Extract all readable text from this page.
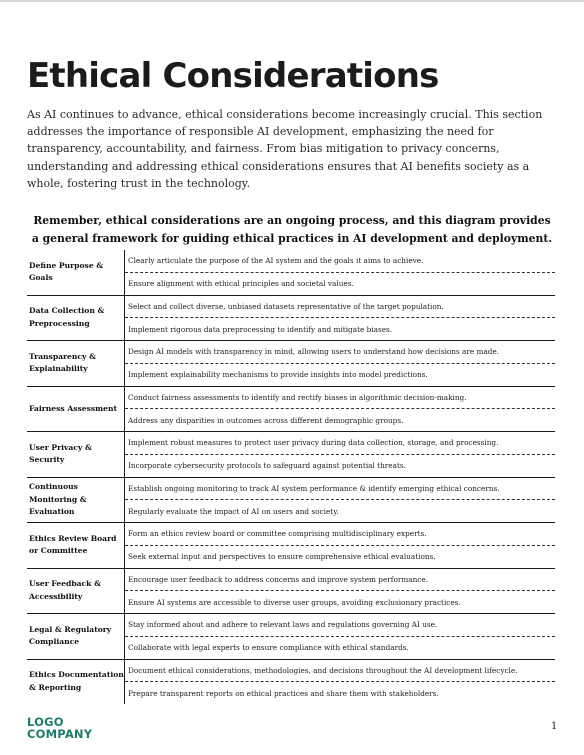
Ethical Considerations

As AI continues to advance, ethical considerations become increasingly crucial. This section addresses the importance of responsible AI development, emphasizing the need for transparency, accountability, and fairness. From bias mitigation to privacy concerns, understanding and addressing ethical considerations ensures that AI benefits society as a whole, fostering trust in the technology.

Remember, ethical considerations are an ongoing process, and this diagram provides a general framework for guiding ethical practices in AI development and deployment.

Define Purpose & Goals
Clearly articulate the purpose of the AI system and the goals it aims to achieve.
Ensure alignment with ethical principles and societal values.
Data Collection & Preprocessing
Select and collect diverse, unbiased datasets representative of the target population.
Implement rigorous data preprocessing to identify and mitigate biases.
Transparency & Explainability
Design AI models with transparency in mind, allowing users to understand how decisions are made.
Implement explainability mechanisms to provide insights into model predictions.
Fairness Assessment
Conduct fairness assessments to identify and rectify biases in algorithmic decision-making.
Address any disparities in outcomes across different demographic groups.
User Privacy & Security
Implement robust measures to protect user privacy during data collection, storage, and processing.
Incorporate cybersecurity protocols to safeguard against potential threats.
Continuous Monitoring & Evaluation
Establish ongoing monitoring to track AI system performance & identify emerging ethical concerns.
Regularly evaluate the impact of AI on users and society.
Ethics Review Board or Committee
Form an ethics review board or committee comprising multidisciplinary experts.
Seek external input and perspectives to ensure comprehensive ethical evaluations.
User Feedback & Accessibility
Encourage user feedback to address concerns and improve system performance.
Ensure AI systems are accessible to diverse user groups, avoiding exclusionary practices.
Legal & Regulatory Compliance
Stay informed about and adhere to relevant laws and regulations governing AI use.
Collaborate with legal experts to ensure compliance with ethical standards.
Ethics Documentation & Reporting
Document ethical considerations, methodologies, and decisions throughout the AI development lifecycle.
Prepare transparent reports on ethical practices and share them with stakeholders.
LOGO
COMPANY
1
